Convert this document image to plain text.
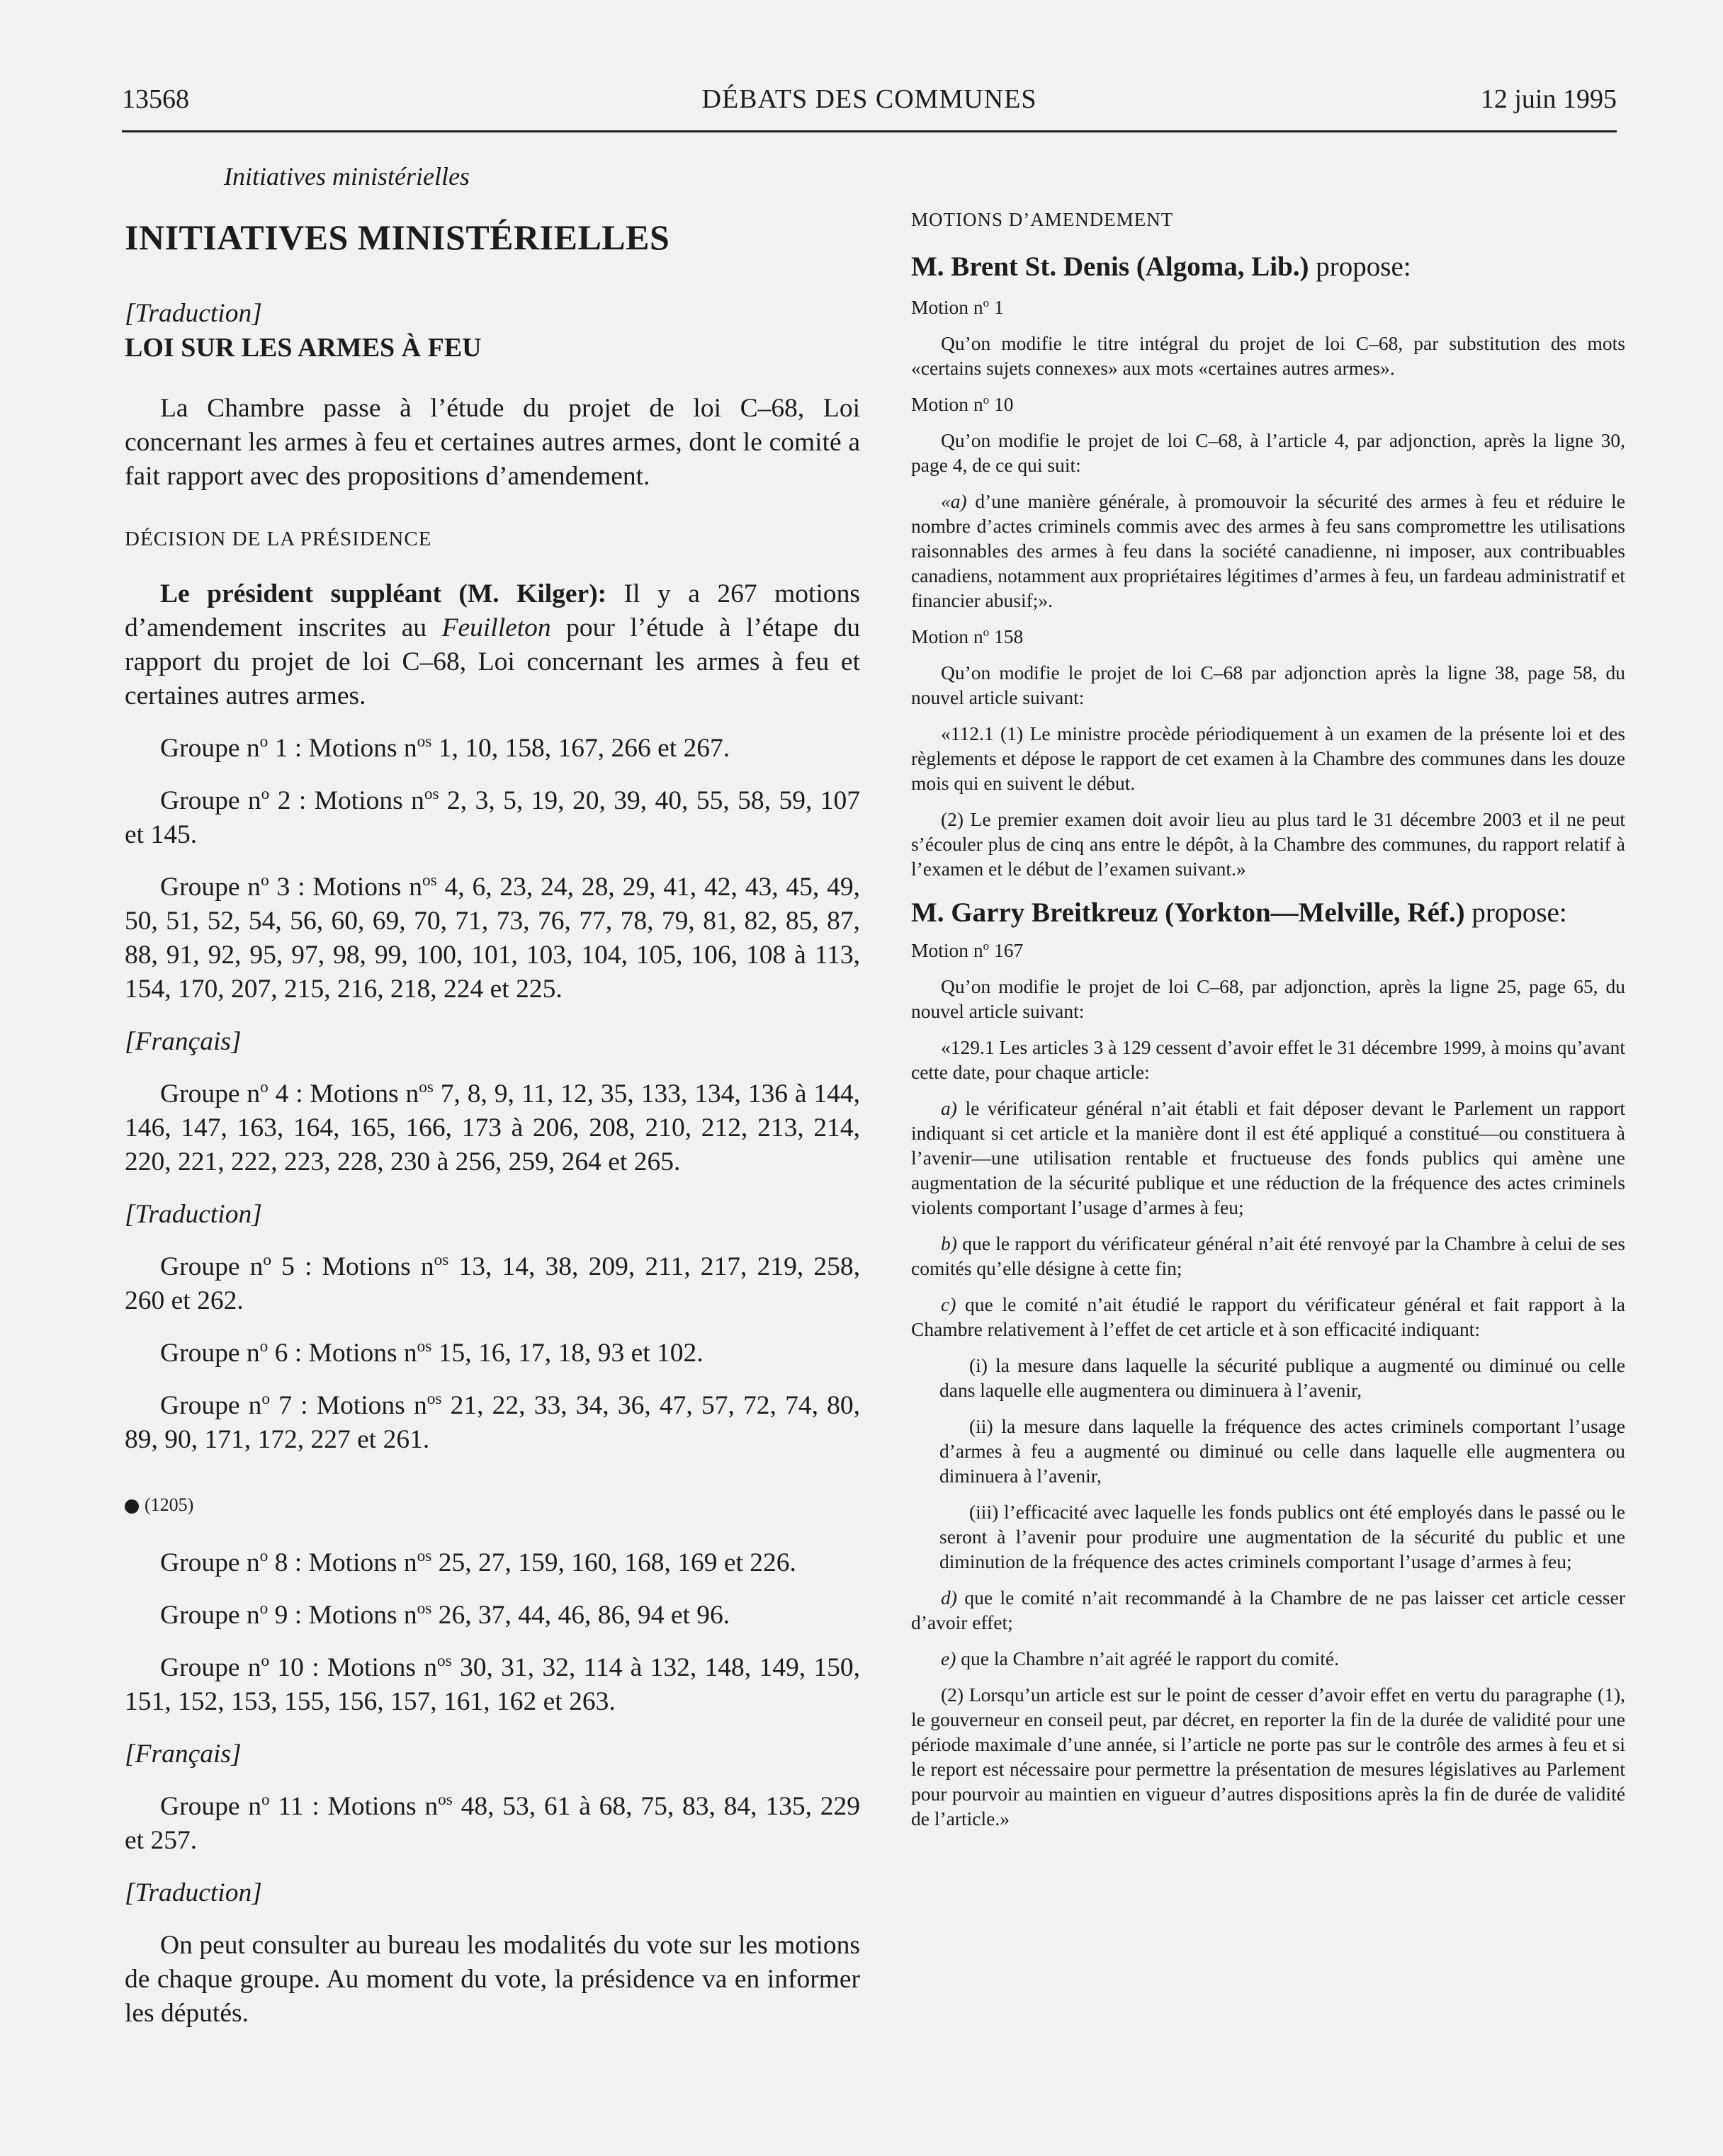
13568	DÉBATS DES COMMUNES	12 juin 1995

Initiatives ministérielles

INITIATIVES MINISTÉRIELLES

[Traduction]

LOI SUR LES ARMES À FEU

La Chambre passe à l’étude du projet de loi C–68, Loi concernant les armes à feu et certaines autres armes, dont le comité a fait rapport avec des propositions d’amendement.

DÉCISION DE LA PRÉSIDENCE

Le président suppléant (M. Kilger): Il y a 267 motions d’amendement inscrites au Feuilleton pour l’étude à l’étape du rapport du projet de loi C–68, Loi concernant les armes à feu et certaines autres armes.

Groupe $n^o$ 1 : Motions $n^{os}$ 1, 10, 158, 167, 266 et 267.

Groupe $n^o$ 2 : Motions $n^{os}$ 2, 3, 5, 19, 20, 39, 40, 55, 58, 59, 107 et 145.

Groupe $n^o$ 3 : Motions $n^{os}$ 4, 6, 23, 24, 28, 29, 41, 42, 43, 45, 49, 50, 51, 52, 54, 56, 60, 69, 70, 71, 73, 76, 77, 78, 79, 81, 82, 85, 87, 88, 91, 92, 95, 97, 98, 99, 100, 101, 103, 104, 105, 106, 108 à 113, 154, 170, 207, 215, 216, 218, 224 et 225.

[Français]

Groupe $n^o$ 4 : Motions $n^{os}$ 7, 8, 9, 11, 12, 35, 133, 134, 136 à 144, 146, 147, 163, 164, 165, 166, 173 à 206, 208, 210, 212, 213, 214, 220, 221, 222, 223, 228, 230 à 256, 259, 264 et 265.

[Traduction]

Groupe $n^o$ 5 : Motions $n^{os}$ 13, 14, 38, 209, 211, 217, 219, 258, 260 et 262.

Groupe $n^o$ 6 : Motions $n^{os}$ 15, 16, 17, 18, 93 et 102.

Groupe $n^o$ 7 : Motions $n^{os}$ 21, 22, 33, 34, 36, 47, 57, 72, 74, 80, 89, 90, 171, 172, 227 et 261.

(1205)

Groupe $n^o$ 8 : Motions $n^{os}$ 25, 27, 159, 160, 168, 169 et 226.

Groupe $n^o$ 9 : Motions $n^{os}$ 26, 37, 44, 46, 86, 94 et 96.

Groupe $n^o$ 10 : Motions $n^{os}$ 30, 31, 32, 114 à 132, 148, 149, 150, 151, 152, 153, 155, 156, 157, 161, 162 et 263.

[Français]

Groupe $n^o$ 11 : Motions $n^{os}$ 48, 53, 61 à 68, 75, 83, 84, 135, 229 et 257.

[Traduction]

On peut consulter au bureau les modalités du vote sur les motions de chaque groupe. Au moment du vote, la présidence va en informer les députés.

MOTIONS D’AMENDEMENT

M. Brent St. Denis (Algoma, Lib.) propose:

Motion $n^o$ 1

Qu’on modifie le titre intégral du projet de loi C–68, par substitution des mots «certains sujets connexes» aux mots «certaines autres armes».

Motion $n^o$ 10

Qu’on modifie le projet de loi C–68, à l’article 4, par adjonction, après la ligne 30, page 4, de ce qui suit:

«a) d’une manière générale, à promouvoir la sécurité des armes à feu et réduire le nombre d’actes criminels commis avec des armes à feu sans compromettre les utilisations raisonnables des armes à feu dans la société canadienne, ni imposer, aux contribuables canadiens, notamment aux propriétaires légitimes d’armes à feu, un fardeau administratif et financier abusif;».

Motion $n^o$ 158

Qu’on modifie le projet de loi C–68 par adjonction après la ligne 38, page 58, du nouvel article suivant:

«112.1 (1) Le ministre procède périodiquement à un examen de la présente loi et des règlements et dépose le rapport de cet examen à la Chambre des communes dans les douze mois qui en suivent le début.

(2) Le premier examen doit avoir lieu au plus tard le 31 décembre 2003 et il ne peut s’écouler plus de cinq ans entre le dépôt, à la Chambre des communes, du rapport relatif à l’examen et le début de l’examen suivant.»

M. Garry Breitkreuz (Yorkton—Melville, Réf.) propose:

Motion $n^o$ 167

Qu’on modifie le projet de loi C–68, par adjonction, après la ligne 25, page 65, du nouvel article suivant:

«129.1 Les articles 3 à 129 cessent d’avoir effet le 31 décembre 1999, à moins qu’avant cette date, pour chaque article:

a) le vérificateur général n’ait établi et fait déposer devant le Parlement un rapport indiquant si cet article et la manière dont il est été appliqué a constitué—ou constituera à l’avenir—une utilisation rentable et fructueuse des fonds publics qui amène une augmentation de la sécurité publique et une réduction de la fréquence des actes criminels violents comportant l’usage d’armes à feu;

b) que le rapport du vérificateur général n’ait été renvoyé par la Chambre à celui de ses comités qu’elle désigne à cette fin;

c) que le comité n’ait étudié le rapport du vérificateur général et fait rapport à la Chambre relativement à l’effet de cet article et à son efficacité indiquant:

(i) la mesure dans laquelle la sécurité publique a augmenté ou diminué ou celle dans laquelle elle augmentera ou diminuera à l’avenir,

(ii) la mesure dans laquelle la fréquence des actes criminels comportant l’usage d’armes à feu a augmenté ou diminué ou celle dans laquelle elle augmentera ou diminuera à l’avenir,

(iii) l’efficacité avec laquelle les fonds publics ont été employés dans le passé ou le seront à l’avenir pour produire une augmentation de la sécurité du public et une diminution de la fréquence des actes criminels comportant l’usage d’armes à feu;

d) que le comité n’ait recommandé à la Chambre de ne pas laisser cet article cesser d’avoir effet;

e) que la Chambre n’ait agréé le rapport du comité.

(2) Lorsqu’un article est sur le point de cesser d’avoir effet en vertu du paragraphe (1), le gouverneur en conseil peut, par décret, en reporter la fin de la durée de validité pour une période maximale d’une année, si l’article ne porte pas sur le contrôle des armes à feu et si le report est nécessaire pour permettre la présentation de mesures législatives au Parlement pour pourvoir au maintien en vigueur d’autres dispositions après la fin de durée de validité de l’article.»
